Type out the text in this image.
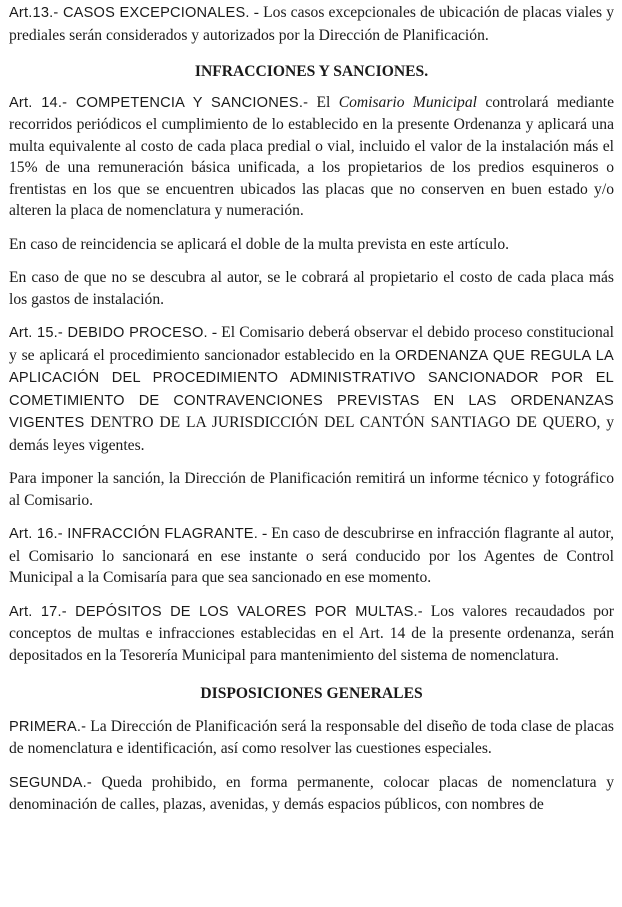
Art.13.- CASOS EXCEPCIONALES. - Los casos excepcionales de ubicación de placas viales y prediales serán considerados y autorizados por la Dirección de Planificación.

INFRACCIONES Y SANCIONES.

Art. 14.- COMPETENCIA Y SANCIONES.- El Comisario Municipal controlará mediante recorridos periódicos el cumplimiento de lo establecido en la presente Ordenanza y aplicará una multa equivalente al costo de cada placa predial o vial, incluido el valor de la instalación más el 15% de una remuneración básica unificada, a los propietarios de los predios esquineros o frentistas en los que se encuentren ubicados las placas que no conserven en buen estado y/o alteren la placa de nomenclatura y numeración.

En caso de reincidencia se aplicará el doble de la multa prevista en este artículo.

En caso de que no se descubra al autor, se le cobrará al propietario el costo de cada placa más los gastos de instalación.

Art. 15.- DEBIDO PROCESO. - El Comisario deberá observar el debido proceso constitucional y se aplicará el procedimiento sancionador establecido en la ORDENANZA QUE REGULA LA APLICACIÓN DEL PROCEDIMIENTO ADMINISTRATIVO SANCIONADOR POR EL COMETIMIENTO DE CONTRAVENCIONES PREVISTAS EN LAS ORDENANZAS VIGENTES DENTRO DE LA JURISDICCIÓN DEL CANTÓN SANTIAGO DE QUERO, y demás leyes vigentes.

Para imponer la sanción, la Dirección de Planificación remitirá un informe técnico y fotográfico al Comisario.

Art. 16.- INFRACCIÓN FLAGRANTE. - En caso de descubrirse en infracción flagrante al autor, el Comisario lo sancionará en ese instante o será conducido por los Agentes de Control Municipal a la Comisaría para que sea sancionado en ese momento.

Art. 17.- DEPÓSITOS DE LOS VALORES POR MULTAS.- Los valores recaudados por conceptos de multas e infracciones establecidas en el Art. 14 de la presente ordenanza, serán depositados en la Tesorería Municipal para mantenimiento del sistema de nomenclatura.

DISPOSICIONES GENERALES

PRIMERA.- La Dirección de Planificación será la responsable del diseño de toda clase de placas de nomenclatura e identificación, así como resolver las cuestiones especiales.

SEGUNDA.- Queda prohibido, en forma permanente, colocar placas de nomenclatura y denominación de calles, plazas, avenidas, y demás espacios públicos, con nombres de
